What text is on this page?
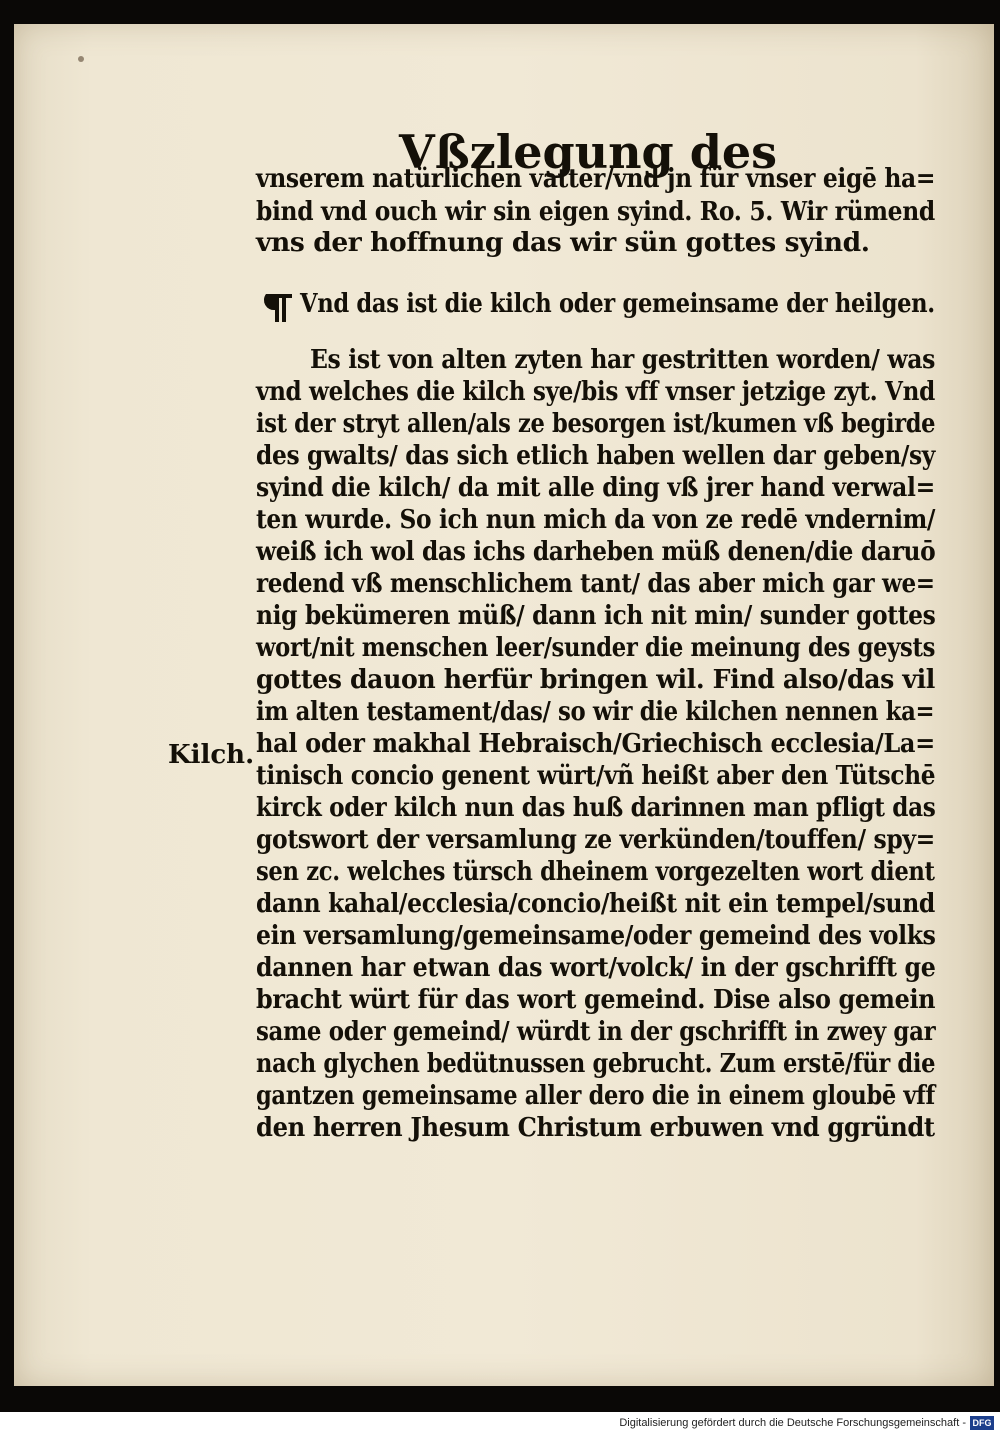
Vßzlegung des
Kilch.
vnserem natürlichen vatter/vnd jn für vnser eigē ha=
bind vnd ouch wir sin eigen syind. Ro. 5. Wir rümend
vns der hoffnung das wir sün gottes syind.
Vnd das ist die kilch oder gemeinsame der heilgen.
Es ist von alten zyten har gestritten worden/ was
vnd welches die kilch sye/bis vff vnser jetzige zyt. Vnd
ist der stryt allen/als ze besorgen ist/kumen vß begirde
des gwalts/ das sich etlich haben wellen dar geben/sy
syind die kilch/ da mit alle ding vß jrer hand verwal=
ten wurde. So ich nun mich da von ze redē vndernim/
weiß ich wol das ichs darheben müß denen/die daruō
redend vß menschlichem tant/ das aber mich gar we=
nig bekümeren müß/ dann ich nit min/ sunder gottes
wort/nit menschen leer/sunder die meinung des geysts
gottes dauon herfür bringen wil. Find also/das vil
im alten testament/das/ so wir die kilchen nennen ka=
hal oder makhal Hebraisch/Griechisch ecclesia/La=
tinisch concio genent würt/vñ heißt aber den Tütschē
kirck oder kilch nun das huß darinnen man pfligt das
gotswort der versamlung ze verkünden/touffen/ spy=
sen zc. welches türsch dheinem vorgezelten wort dient
dann kahal/ecclesia/concio/heißt nit ein tempel/sund
ein versamlung/gemeinsame/oder gemeind des volks
dannen har etwan das wort/volck/ in der gschrifft ge
bracht würt für das wort gemeind. Dise also gemein
same oder gemeind/ würdt in der gschrifft in zwey gar
nach glychen bedütnussen gebrucht. Zum erstē/für die
gantzen gemeinsame aller dero die in einem gloubē vff
den herren Jhesum Christum erbuwen vnd ggründt
Digitalisierung gefördert durch die Deutsche Forschungsgemeinschaft - DFG
